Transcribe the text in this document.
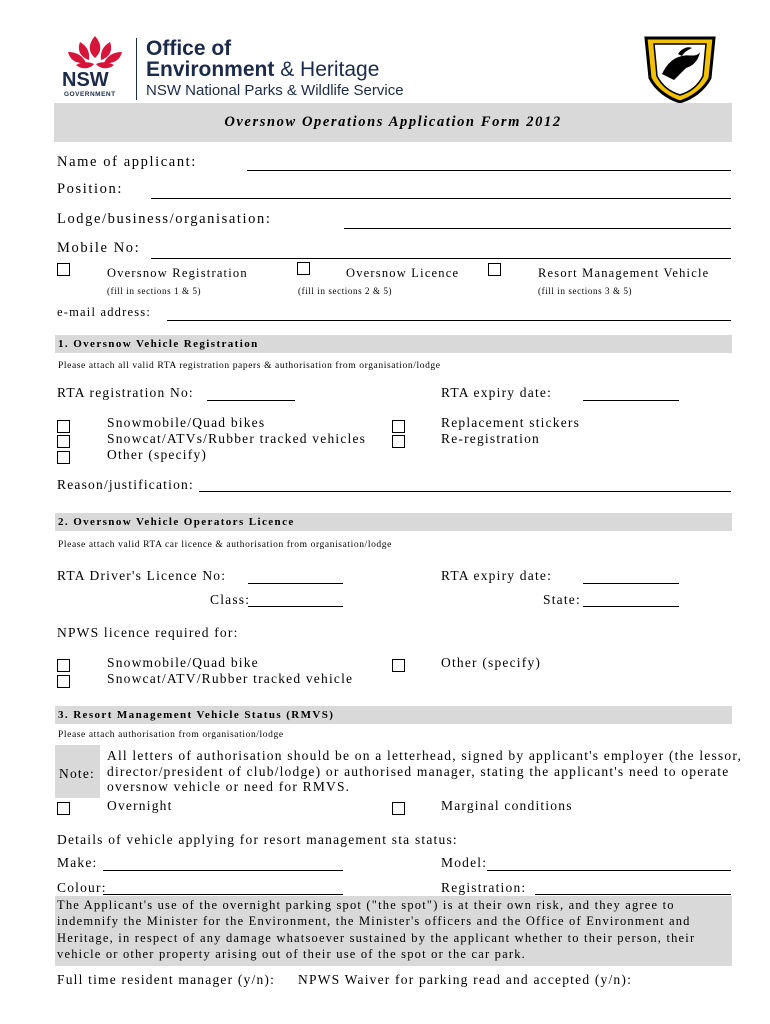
NSW
GOVERNMENT
Office of
Environment & Heritage
NSW National Parks & Wildlife Service
Oversnow Operations Application Form 2012
Name of applicant:
Position:
Lodge/business/organisation:
Mobile No:
Oversnow Registration
(fill in sections 1 & 5)
Oversnow Licence
(fill in sections 2 & 5)
Resort Management Vehicle
(fill in sections 3 & 5)
e-mail address:
1. Oversnow Vehicle Registration
Please attach all valid RTA registration papers & authorisation from organisation/lodge
RTA registration No:	RTA expiry date:
Snowmobile/Quad bikes
Snowcat/ATVs/Rubber tracked vehicles
Other (specify)
Replacement stickers
Re-registration
Reason/justification:
2. Oversnow Vehicle Operators Licence
Please attach valid RTA car licence & authorisation from organisation/lodge
RTA Driver's Licence No:	RTA expiry date:
Class:	State:
NPWS licence required for:
Snowmobile/Quad bike
Snowcat/ATV/Rubber tracked vehicle
Other (specify)
3. Resort Management Vehicle Status (RMVS)
Please attach authorisation from organisation/lodge
Note:
All letters of authorisation should be on a letterhead, signed by applicant's employer (the lessor,
director/president of club/lodge) or authorised manager, stating the applicant's need to operate
oversnow vehicle or need for RMVS.
Overnight	Marginal conditions
Details of vehicle applying for resort management sta status:
Make:	Model:
Colour:	Registration:
The Applicant's use of the overnight parking spot ("the spot") is at their own risk, and they agree to
indemnify the Minister for the Environment, the Minister's officers and the Office of Environment and
Heritage, in respect of any damage whatsoever sustained by the applicant whether to their person, their
vehicle or other property arising out of their use of the spot or the car park.
Full time resident manager (y/n): NPWS Waiver for parking read and accepted (y/n):
